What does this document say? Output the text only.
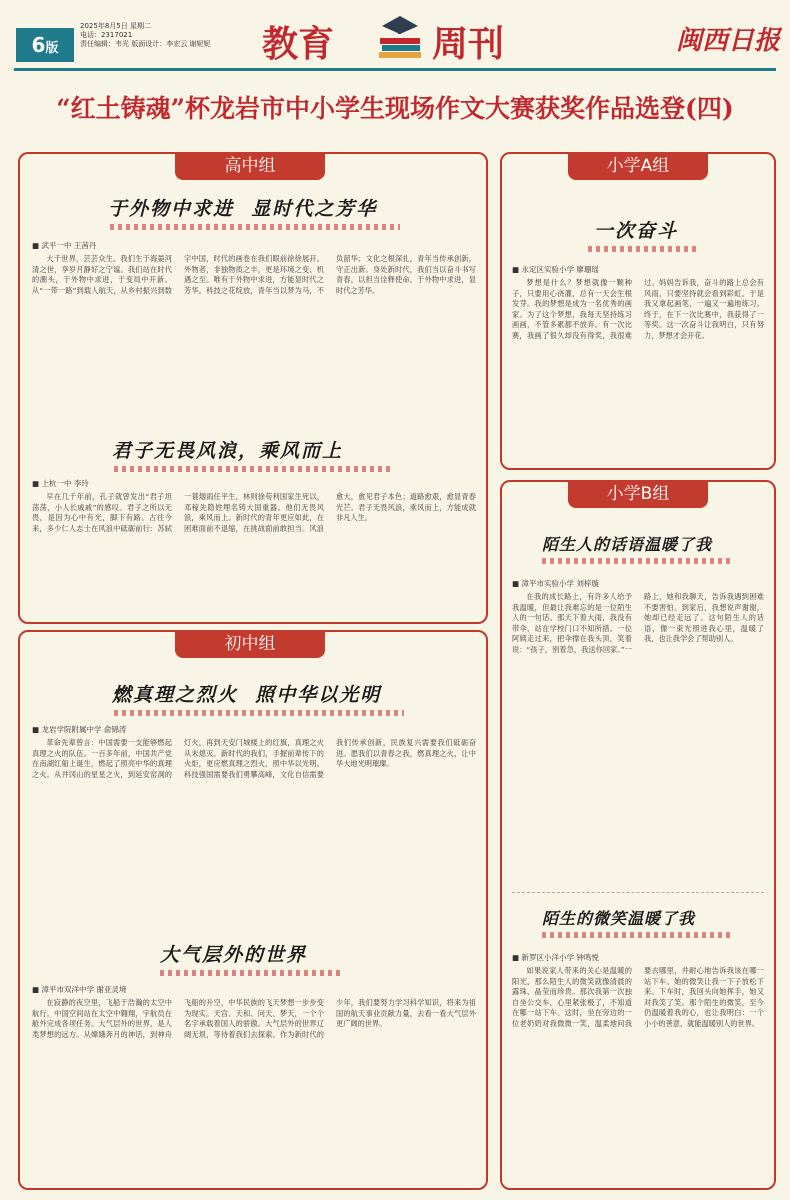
6版
2025年8月5日 星期二
电话：2317021
责任编辑：韦光 版面设计：李宏云 谢妮妮	教育	周刊	闽西日报
“红土铸魂”杯龙岩市中小学生现场作文大赛获奖作品选登(四)
高中组
于外物中求进 显时代之芳华
■ 武平一中 王茜丹

大千世界，芸芸众生。我们生于海晏河清之世，享岁月静好之宁谧。我们站在时代的潮头，于外物中求进，于变局中开新。从“一带一路”到载人航天，从乡村振兴到数字中国，时代的画卷在我们眼前徐徐展开。外物者，非独物质之丰，更是环境之变、机遇之至。唯有于外物中求进，方能显时代之芳华。科技之花绽放，青年当以梦为马，不负韶华；文化之根深扎，青年当传承创新，守正出新。身处新时代，我们当以奋斗书写青春，以担当诠释使命，于外物中求进，显时代之芳华。

君子无畏风浪，乘风而上
■ 上杭一中 李玲

早在几千年前，孔子就曾发出“君子坦荡荡，小人长戚戚”的感叹。君子之所以无畏，是因为心中有光，脚下有路。古往今来，多少仁人志士在风浪中砥砺前行：苏轼一蓑烟雨任平生，林则徐苟利国家生死以，邓稼先隐姓埋名铸大国重器。他们无畏风浪，乘风而上。新时代的青年更应如此，在困难面前不退缩，在挑战面前敢担当。风浪愈大，愈见君子本色；道路愈艰，愈显青春光芒。君子无畏风浪，乘风而上，方能成就非凡人生。

初中组
燃真理之烈火 照中华以光明
■ 龙岩学院附属中学 俞锦涛

革命先辈曾言：中国需要一支能够燃起真理之火的队伍。一百多年前，中国共产党在南湖红船上诞生，燃起了照亮中华的真理之火。从井冈山的星星之火，到延安窑洞的灯火，再到天安门城楼上的红旗，真理之火从未熄灭。新时代的我们，手握前辈传下的火炬，更应燃真理之烈火，照中华以光明。科技强国需要我们勇攀高峰，文化自信需要我们传承创新，民族复兴需要我们砥砺奋进。愿我们以青春之我，燃真理之火，让中华大地光明璀璨。

大气层外的世界
■ 漳平市双洋中学 谢亚灵境

在寂静的夜空里，飞船于浩瀚的太空中航行。中国空间站在太空中翱翔，宇航员在舱外完成各项任务。大气层外的世界，是人类梦想的远方。从嫦娥奔月的神话，到神舟飞船的升空，中华民族的飞天梦想一步步变为现实。天宫、天和、问天、梦天，一个个名字承载着国人的骄傲。大气层外的世界辽阔无垠，等待着我们去探索。作为新时代的少年，我们要努力学习科学知识，将来为祖国的航天事业贡献力量，去看一看大气层外更广阔的世界。

小学A组
一次奋斗
■ 永定区实验小学 廖珊瑶

梦想是什么？梦想就像一颗种子，只要用心浇灌，总有一天会生根发芽。我的梦想是成为一名优秀的画家。为了这个梦想，我每天坚持练习画画，不管多累都不放弃。有一次比赛，我画了很久却没有得奖，我很难过。妈妈告诉我，奋斗的路上总会有风雨，只要坚持就会看到彩虹。于是我又拿起画笔，一遍又一遍地练习。终于，在下一次比赛中，我获得了一等奖。这一次奋斗让我明白，只有努力，梦想才会开花。

小学B组
陌生人的话语温暖了我
■ 漳平市实验小学 刘梓璇

在我的成长路上，有许多人给予我温暖，但最让我难忘的是一位陌生人的一句话。那天下着大雨，我没有带伞，站在学校门口不知所措。一位阿姨走过来，把伞撑在我头顶，笑着说：“孩子，别着急，我送你回家。”一路上，她和我聊天，告诉我遇到困难不要害怕。到家后，我想说声谢谢，她却已经走远了。这句陌生人的话语，像一束光照进我心里，温暖了我，也让我学会了帮助别人。

陌生的微笑温暖了我
■ 新罗区小洋小学 钟鸣悦

如果说家人带来的关心是温暖的阳光，那么陌生人的微笑就像清晨的露珠，晶莹而珍贵。那次我第一次独自坐公交车，心里紧张极了，不知道在哪一站下车。这时，坐在旁边的一位老奶奶对我微微一笑，温柔地问我要去哪里，并耐心地告诉我该在哪一站下车。她的微笑让我一下子放松下来。下车时，我回头向她挥手，她又对我笑了笑。那个陌生的微笑，至今仍温暖着我的心，也让我明白：一个小小的善意，就能温暖别人的世界。
